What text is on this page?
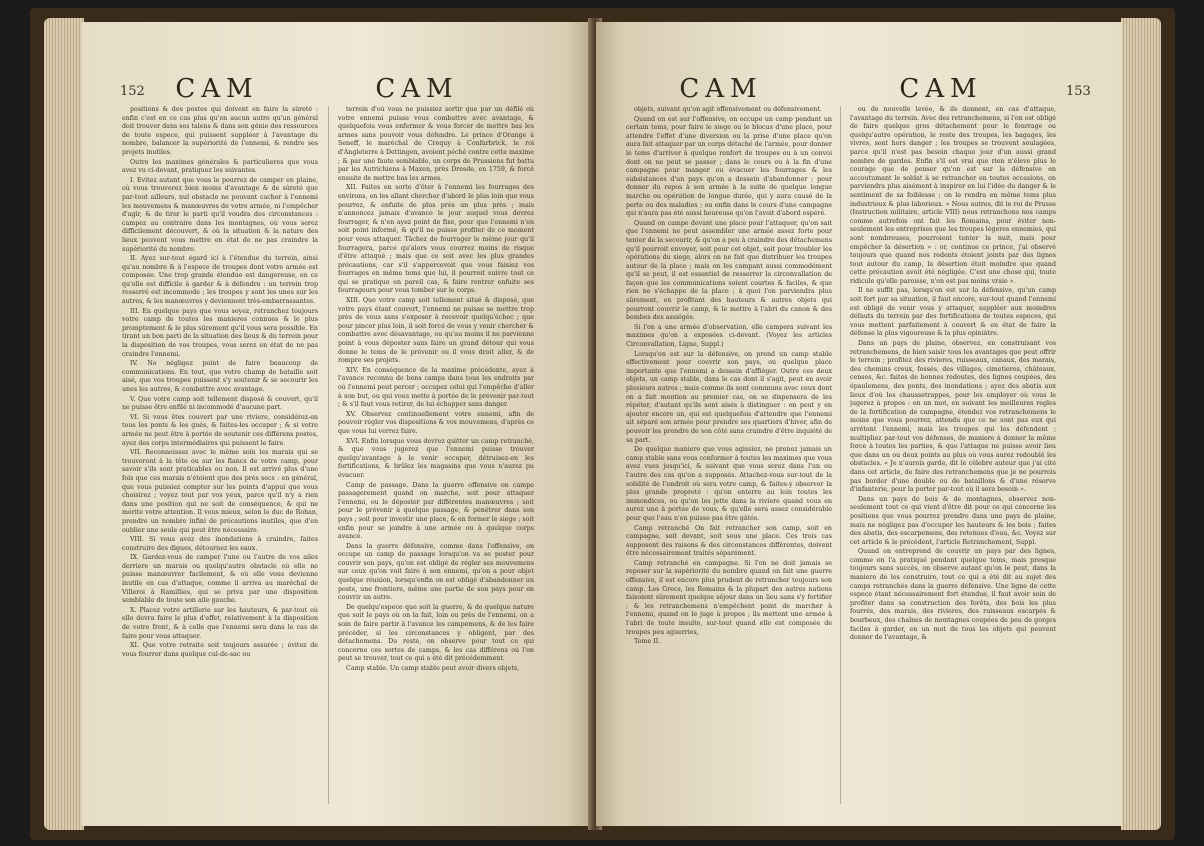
152	CAM	CAM

positions & des postes qui doivent en faire la sûreté : enfin c'est en ce cas plus qu'en aucun autre qu'un général doit trouver dans ses talens & dans son génie des ressources de toute espece, qui puissent suppléer à l'avantage du nombre, balancer la supériorité de l'ennemi, & rendre ses projets inutiles.

Outre les maximes générales & particulieres que vous avez vu ci-devant, pratiquez les suivantes.

I. Evitez autant que vous le pourrez de camper en plaine, où vous trouverez bien moins d'avantage & de sûreté que par-tout ailleurs, nul obstacle ne pouvant cacher à l'ennemi les mouvemens & manœuvres de votre armée, ni l'empêcher d'agir, & de tirer le parti qu'il voudra des circonstances : campez au contraire dans les montagnes, où vous serez difficilement découvert, & où la situation & la nature des lieux peuvent vous mettre en état de ne pas craindre la supériorité du nombre.

II. Ayez sur-tout égard ici à l'étendue du terrein, ainsi qu'au nombre & à l'espece de troupes dont votre armée est composée. Une trop grande étendue est dangereuse, en ce qu'elle est difficile à garder & à défendre : un terrein trop resserré est incommode ; les troupes y sont les unes sur les autres, & les manœuvres y deviennent très-embarrassantes.

III. En quelque pays que vous soyez, retranchez toujours votre camp de toutes les manieres connues & le plus promptement & le plus sûrement qu'il vous sera possible. En tirant un bon parti de la situation des lieux & du terrein pour la disposition de vos troupes, vous serez en état de ne pas craindre l'ennemi.

IV. Ne négligez point de faire beaucoup de communications. En tout, que votre champ de bataille soit aisé, que vos troupes puissent s'y soutenir & se secourir les unes les autres, & combattre avec avantage.

V. Que votre camp soit tellement disposé & couvert, qu'il ne puisse être enfilé ni incommodé d'aucune part.

VI. Si vous êtes couvert par une riviere, considérez-en tous les ponts & les gués, & faites-les occuper ; & si votre armée ne peut être à portée de soutenir ces différens postes, ayez des corps intermédiaires qui puissent le faire.

VII. Reconnoissez avec le même soin les marais qui se trouveront à la tête ou sur les flancs de votre camp, pour savoir s'ils sont praticables ou non. Il est arrivé plus d'une fois que ces marais n'étoient que des prés secs : en général, que vous puissiez compter sur les points d'appui que vous choisirez ; voyez tout par vos yeux, parce qu'il n'y a rien dans une position qui ne soit de conséquence, & qui ne mérite votre attention. Il vous mieux, selon le duc de Rohan, prendre un nombre infini de précautions inutiles, que d'en oublier une seule qui peut être nécessaire.

VIII. Si vous avez des inondations à craindre, faites construire des digues, détournez les eaux.

IX. Gardez-vous de camper l'une ou l'autre de vos ailes derriere un marais ou quelqu'autre obstacle où elle ne puisse manœuvrer facilement, & où elle vous devienne inutile en cas d'attaque, comme il arriva au maréchal de Villeroi à Ramillies, qui se priva par une disposition semblable de toute son aile gauche.

X. Placez votre artillerie sur les hauteurs, & par-tout où elle devra faire le plus d'effet, relativement à la disposition de votre front, & à celle que l'ennemi sera dans le cas de faire pour vous attaquer.

XI. Que votre retraite soit toujours assurée ; évitez de vous fourrer dans quelque cul-de-sac ou

terrein d'où vous ne puissiez sortir que par un défilé où votre ennemi puisse vous combattre avec avantage, & quelquefois vous enfermer & vous forcer de mettre bas les armes sans pouvoir vous défendre. Le prince d'Orange à Seneff, le maréchal de Crequy à Confarbrick, le roi d'Angleterre à Dettingen, avoient péché contre cette maxime ; & par une faute semblable, un corps de Prussiens fut battu par les Autrichiens à Maxen, près Dresde, en 1759, & forcé ensuite de mettre bas les armes.

XII. Faites en sorte d'ôter à l'ennemi les fourrages des environs, en les allant chercher d'abord le plus loin que vous pourrez, & enfuite de plus près un plus près ; mais n'annoncez jamais d'avance le jour auquel vous devrez fourrager, & n'en ayez point de fixe, pour que l'ennemi n'en soit point informé, & qu'il ne puisse profiter de ce moment pour vous attaquer. Tâchez de fourrager le même jour qu'il fourragera, parce qu'alors vous courrez moins de risque d'être attaqué ; mais que ce soit avec les plus grandes précautions, car s'il s'appercevoit que vous faisiez vos fourrages en même tems que lui, il pourroit suivre tout ce qui se pratique en pareil cas, & faire rentrer enfuite ses fourrageurs pour vous tomber sur le corps.

XIII. Que votre camp soit tellement situé & disposé, que votre pays étant couvert, l'ennemi ne puisse se mettre trop près de vous sans s'exposer à recevoir quelqu'échec ; que pour pincer plus loin, il soit forcé de vous y venir chercher & combattre avec désavantage, ou qu'au moins il ne parvienne point à vous déposter sans faire un grand détour qui vous donne le tems de le prévenir ou il vous droit aller, & de rompre ses projets.

XIV. En conséquence de la maxime précédente, ayez à l'avance reconnu de bons camps dans tous les endroits par où l'ennemi peut percer ; occupez celui qui l'empêche d'aller à son but, ou qui vous mette à portée de le prévenir par-tout ; & s'il faut vous retirer, de lui échapper sans danger.

XV. Observez continuellement votre ennemi, afin de pouvoir régler vos dispositions & vos mouvemens, d'après ce que vous lui verrez faire.

XVI. Enfin lorsque vous devrez quitter un camp retranché, & que vous jugerez que l'ennemi puisse trouver quelqu'avantage à le venir occuper, détruisez-en les fortifications, & brûlez les magasins que vous n'aurez pu évacuer.

Camp de passage. Dans la guerre offensive on campe passagerement quand on marche, soit pour attaquer l'ennemi, ou le déposter par différentes manœuvres ; soit pour le prévenir à quelque passage, & pénétrer dans son pays ; soit pour investir une place, & en former le siege ; soit enfin pour se joindre à une armée ou à quelque corps avancé.

Dans la guerre défensive, comme dans l'offensive, on occupe un camp de passage lorsqu'on va se poster pour couvrir son pays, qu'on est obligé de régler ses mouvemens sur ceux qu'on voit faire à son ennemi, qu'on a pour objet quelque réunion, lorsqu'enfin on est obligé d'abandonner un poste, une frontiere, même une partie de son pays pour en couvrir un autre.

De quelqu'espece que soit la guerre, & de quelque nature que soit le pays où on la fait, loin ou près de l'ennemi, on a soin de faire partir à l'avance les campemens, & de les faire précéder, si les circonstances y obligent, par des détachemens. Du reste, on observe pour tout ce qui concerne ces sortes de camps, & les cas différens où l'on peut se trouver, tout ce qui a été dit précédemment.

Camp stable. Un camp stable peut avoir divers objets,

CAM	CAM	153

objets, suivant qu'on agit offensivement ou défensivement.

Quand on est sur l'offensive, on occupe un camp pendant un certain tems, pour faire le siege ou le blocus d'une place, pour attendre l'effet d'une diversion ou la prise d'une place qu'on aura fait attaquer par un corps détaché de l'armée, pour donner le tems d'arriver à quelque renfort de troupes ou à un convoi dont on ne peut se passer ; dans le cours ou à la fin d'une campagne pour manger ou évacuer les fourrages & les subsistances d'un pays qu'on a dessein d'abandonner ; pour donner du repos à son armée à la suite de quelque longue marche ou opération de longue durée, qui y aura causé de la perte ou des maladies ; ou enfin dans le cours d'une campagne qui n'aura pas été aussi heureuse qu'on l'avoit d'abord espéré.

Quand on campe devant une place pour l'attaquer, qu'on sait que l'ennemi ne peut assembler une armée assez forte pour tenter de la secourir, & qu'on a peu à craindre des détachemens qu'il pourroit envoyer, soit pour cet objet, soit pour troubler les opérations du siege, alors on ne fait que distribuer les troupes autour de la place ; mais on les campant aussi commodément qu'il se peut, il est essentiel de resserrer la circonvallation de façon que les communications soient courtes & faciles, & que rien ne s'échappe de la place ; à quoi l'on parviendra plus sûrement, en profitant des hauteurs & autres objets qui pourront couvrir le camp, & le mettre à l'abri du canon & des bombes des assiégés.

Si l'on a une armée d'observation, elle campera suivant les maximes qu'on a exposées ci-devant. (Voyez les articles Circonvallation, Ligne, Suppl.)

Lorsqu'on est sur la défensive, on prend un camp stable effectivement pour couvrir son pays, ou quelque place importante que l'ennemi a dessein d'affiéger. Outre ces deux objets, un camp stable, dans le cas dont il s'agit, peut en avoir plusieurs autres ; mais comme ils sont communs avec ceux dont on a fait mention au premier cas, on se dispensera de les répéter, d'autant qu'ils sont aisés à distinguer : on peut y en ajouter encore un, qui est quelquefois d'attendre que l'ennemi ait séparé son armée pour prendre ses quartiers d'hiver, afin de pouvoir les prendre de son côté sans craindre d'être inquiété de sa part.

De quelque maniere que vous agissiez, ne prenez jamais un camp stable sans vous conformer à toutes les maximes que vous avez vues jusqu'ici, & suivant que vous serez dans l'un ou l'autre des cas qu'on a supposés. Attachez-vous sur-tout de la solidité de l'endroit où sera votre camp, & faites-y observer la plus grande propreté : qu'on enterre au loin toutes les immondices, ou qu'on les jette dans la riviere quand vous en aurez une à portée de vous, & qu'elle sera assez considérable pour que l'eau n'en puisse pas être gâtée.

Camp retranché On fait retrancher son camp, soit en campagne, soit devant, soit sous une place. Ces trois cas supposent des raisons & des circonstances différentes, doivent être nécessairement traités séparément.

Camp retranché en campagne. Si l'on ne doit jamais se reposer sur la supériorité du nombre quand on fait une guerre offensive, il est encore plus prudent de retrancher toujours son camp. Les Grecs, les Romains & la plupart des autres nations faisoient sûrement quelque séjour dans un lieu sans s'y fortifier ; & les retranchemens n'empêchent point de marcher à l'ennemi, quand on le juge à propos ; ils mettent une armée à l'abri de toute insulte, sur-tout quand elle est composée de troupes peu aguerries,

Tome II.

ou de nouvelle levée, & ils donnent, en cas d'attaque, l'avantage du terrein. Avec des retranchemens, si l'on est obligé de faire quelque gros détachement pour le fourrage ou quelqu'autre opération, le reste des troupes, les bagages, les vivres, sont hors danger ; les troupes se trouvent soulagées, parce qu'il n'est pas besoin chaque jour d'un aussi grand nombre de gardes. Enfin s'il est vrai que rien n'éleve plus le courage que de penser qu'on est sur la défensive en accoutumant le soldat à se retrancher en toutes occasions, on parviendra plus aisément à inspirer en lui l'idée du danger & le sentiment de sa foiblesse ; on le rendra en même tems plus industrieux & plus laborieux. « Nous autres, dit le roi de Prusse (Instruction militaire, article VIII) nous retranchons nos camps comme autrefois ont fait les Romains, pour éviter non-seulement les entreprises que les troupes légeres ennemies, qui sont nombreuses, pourroient tenter la nuit, mais pour empêcher la désertion » : or, continue ce prince, j'ai observé toujours que quand nos redents étoient joints par des lignes tout autour du camp, la désertion étoit moindre que quand cette précaution avoit été négligée. C'est une chose qui, toute ridicule qu'elle paroisse, n'en est pas moins vraie ».

Il ne suffit pas, lorsqu'on est sur la défensive, qu'un camp soit fort par sa situation, il faut encore, sur-tout quand l'ennemi est obligé de venir vous y attaquer, suppléer aux moindres défauts du terrein par des fortifications de toutes especes, qui vous mettent parfaitement à couvert & en état de faire la défense la plus vigoureuse & la plus opiniâtre.

Dans un pays de plaine, observez, en construisant vos retranchemens, de bien saisir tous les avantages que peut offrir le terrein ; profitez des rivieres, ruisseaux, canaux, des marais, des chemins creux, fossés, des villages, cimetieres, châteaux, censes, &c. faites de bonnes redoutes, des lignes coupées, des épaulemens, des ponts, des inondations ; ayez des abatis aux lieux d'où les chaussetrappes, pour les employer où vous le jugerez à propos : en un mot, en suivant les meilleures regles de la fortification de campagne, étendez vos retranchemens le moins que vous pourrez, attendu que ce ne sont pas eux qui arrêtent l'ennemi, mais les troupes qui les défendent ; multipliez par-tout vos défenses, de maniere à donner la même force à toutes les parties, & que l'attaque ne puisse avoir lieu que dans un ou deux points au plus où vous aurez redoublé les obstacles. « Je n'aurois garde, dit le célebre auteur que j'ai cité dans cet article, de faire des retranchemens que je ne pourrois pas border d'une double ou de bataillons & d'une réserve d'infanterie, pour la porter par-tout où il sera besoin ».

Dans un pays de bois & de montagnes, observez non-seulement tout ce qui vient d'être dit pour ce qui concerne les positions que vous pourrez prendre dans une pays de plaine, mais ne négligez pas d'occuper les hauteurs & les bois ; faites des abatis, des escarpemens, des retenues d'eau, &c. Voyez sur cet article & le précédent, l'article Retranchement, Suppl.

Quand on entreprend de couvrir un pays par des lignes, comme on l'a pratiqué pendant quelque tems, mais presque toujours sans succès, on observe autant qu'on le peut, dans la maniere de les construire, tout ce qui a été dit au sujet des camps retranchés dans la guerre défensive. Une ligne de cette espece étant nécessairement fort étendue, il faut avoir soin de profiter dans sa construction des forêts, des bois les plus fourrés, des marais, des rivieres, des ruisseaux escarpés & bourbeux, des chaînes de montagnes coupées de peu de gorges faciles à garder, en un mot de tous les objets qui peuvent donner de l'avantage, &
